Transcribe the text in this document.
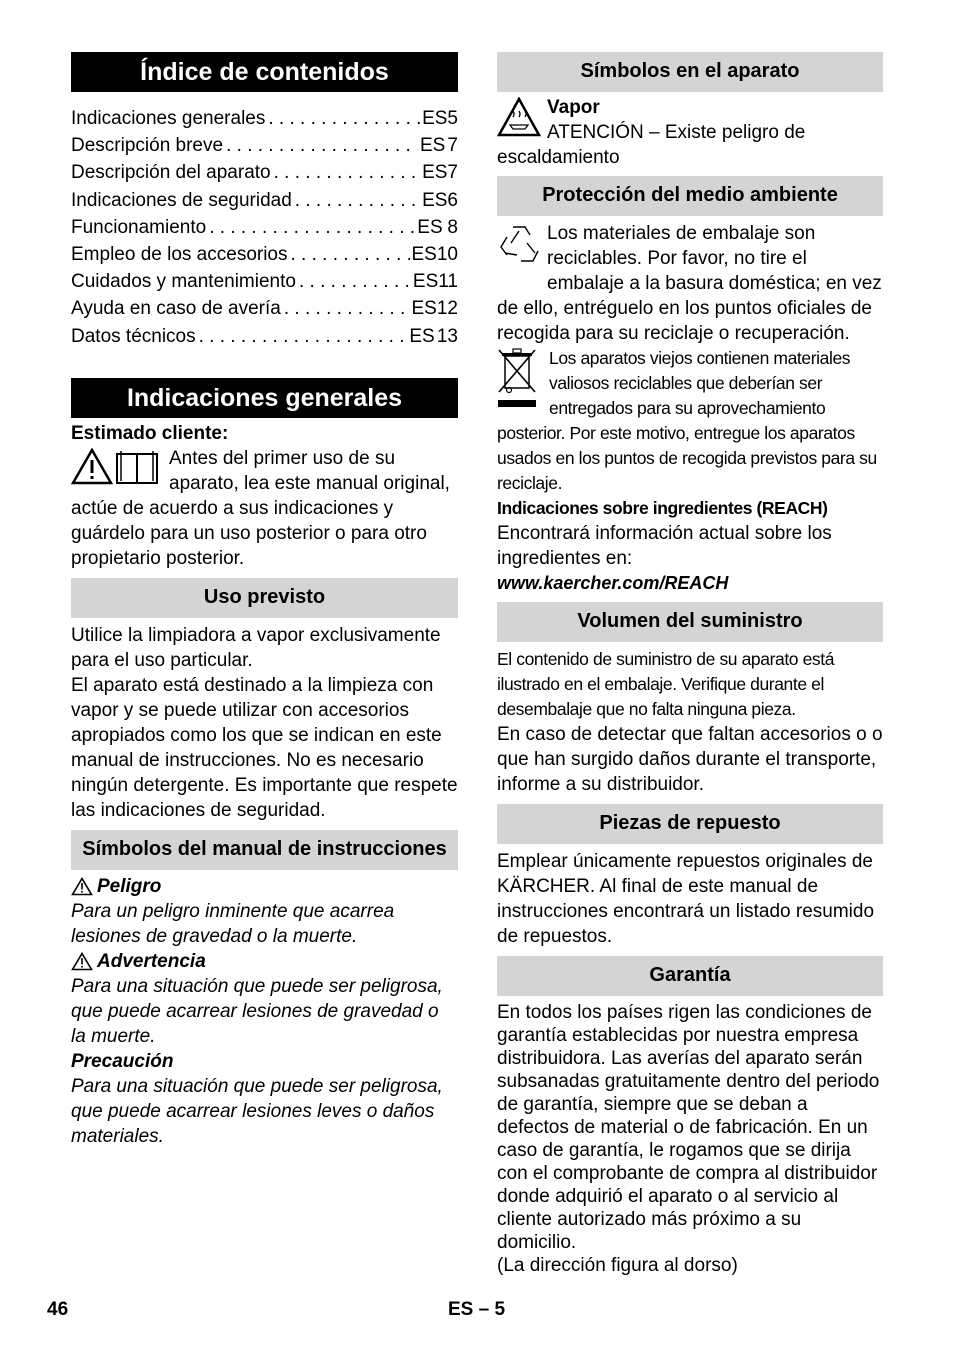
Índice de contenidos
Indicaciones generales . . .	ES 5
Descripción breve . . .	ES 7
Descripción del aparato . . .	ES 7
Indicaciones de seguridad . . .	ES 6
Funcionamiento . . .	ES 8
Empleo de los accesorios . . .	ES 10
Cuidados y mantenimiento . . .	ES 11
Ayuda en caso de avería . . .	ES 12
Datos técnicos . . .	ES 13
Indicaciones generales

Estimado cliente:

Antes del primer uso de su aparato, lea este manual original, actúe de acuerdo a sus indicaciones y guárdelo para un uso posterior o para otro propietario posterior.
Uso previsto

Utilice la limpiadora a vapor exclusivamente para el uso particular.

El aparato está destinado a la limpieza con vapor y se puede utilizar con accesorios apropiados como los que se indican en este manual de instrucciones. No es necesario ningún detergente. Es importante que respete las indicaciones de seguridad.

Símbolos del manual de instrucciones

Peligro

Para un peligro inminente que acarrea lesiones de gravedad o la muerte.

Advertencia

Para una situación que puede ser peligrosa, que puede acarrear lesiones de gravedad o la muerte.

Precaución

Para una situación que puede ser peligrosa, que puede acarrear lesiones leves o daños materiales.

Símbolos en el aparato

Vapor

ATENCIÓN – Existe peligro de escaldamiento
Protección del medio ambiente
Los materiales de embalaje son reciclables. Por favor, no tire el embalaje a la basura doméstica; en vez de ello, entréguelo en los puntos oficiales de recogida para su reciclaje o recuperación.
Los aparatos viejos contienen materiales valiosos reciclables que deberían ser entregados para su aprovechamiento posterior. Por este motivo, entregue los aparatos usados en los puntos de recogida previstos para su reciclaje.

Indicaciones sobre ingredientes (REACH)

Encontrará información actual sobre los ingredientes en:

www.kaercher.com/REACH

Volumen del suministro

El contenido de suministro de su aparato está ilustrado en el embalaje. Verifique durante el desembalaje que no falta ninguna pieza.

En caso de detectar que faltan accesorios o o que han surgido daños durante el transporte, informe a su distribuidor.

Piezas de repuesto

Emplear únicamente repuestos originales de KÄRCHER. Al final de este manual de instrucciones encontrará un listado resumido de repuestos.

Garantía

En todos los países rigen las condiciones de garantía establecidas por nuestra empresa distribuidora. Las averías del aparato serán subsanadas gratuitamente dentro del periodo de garantía, siempre que se deban a defectos de material o de fabricación. En un caso de garantía, le rogamos que se dirija con el comprobante de compra al distribuidor donde adquirió el aparato o al servicio al cliente autorizado más próximo a su domicilio.

(La dirección figura al dorso)

46	ES – 5
